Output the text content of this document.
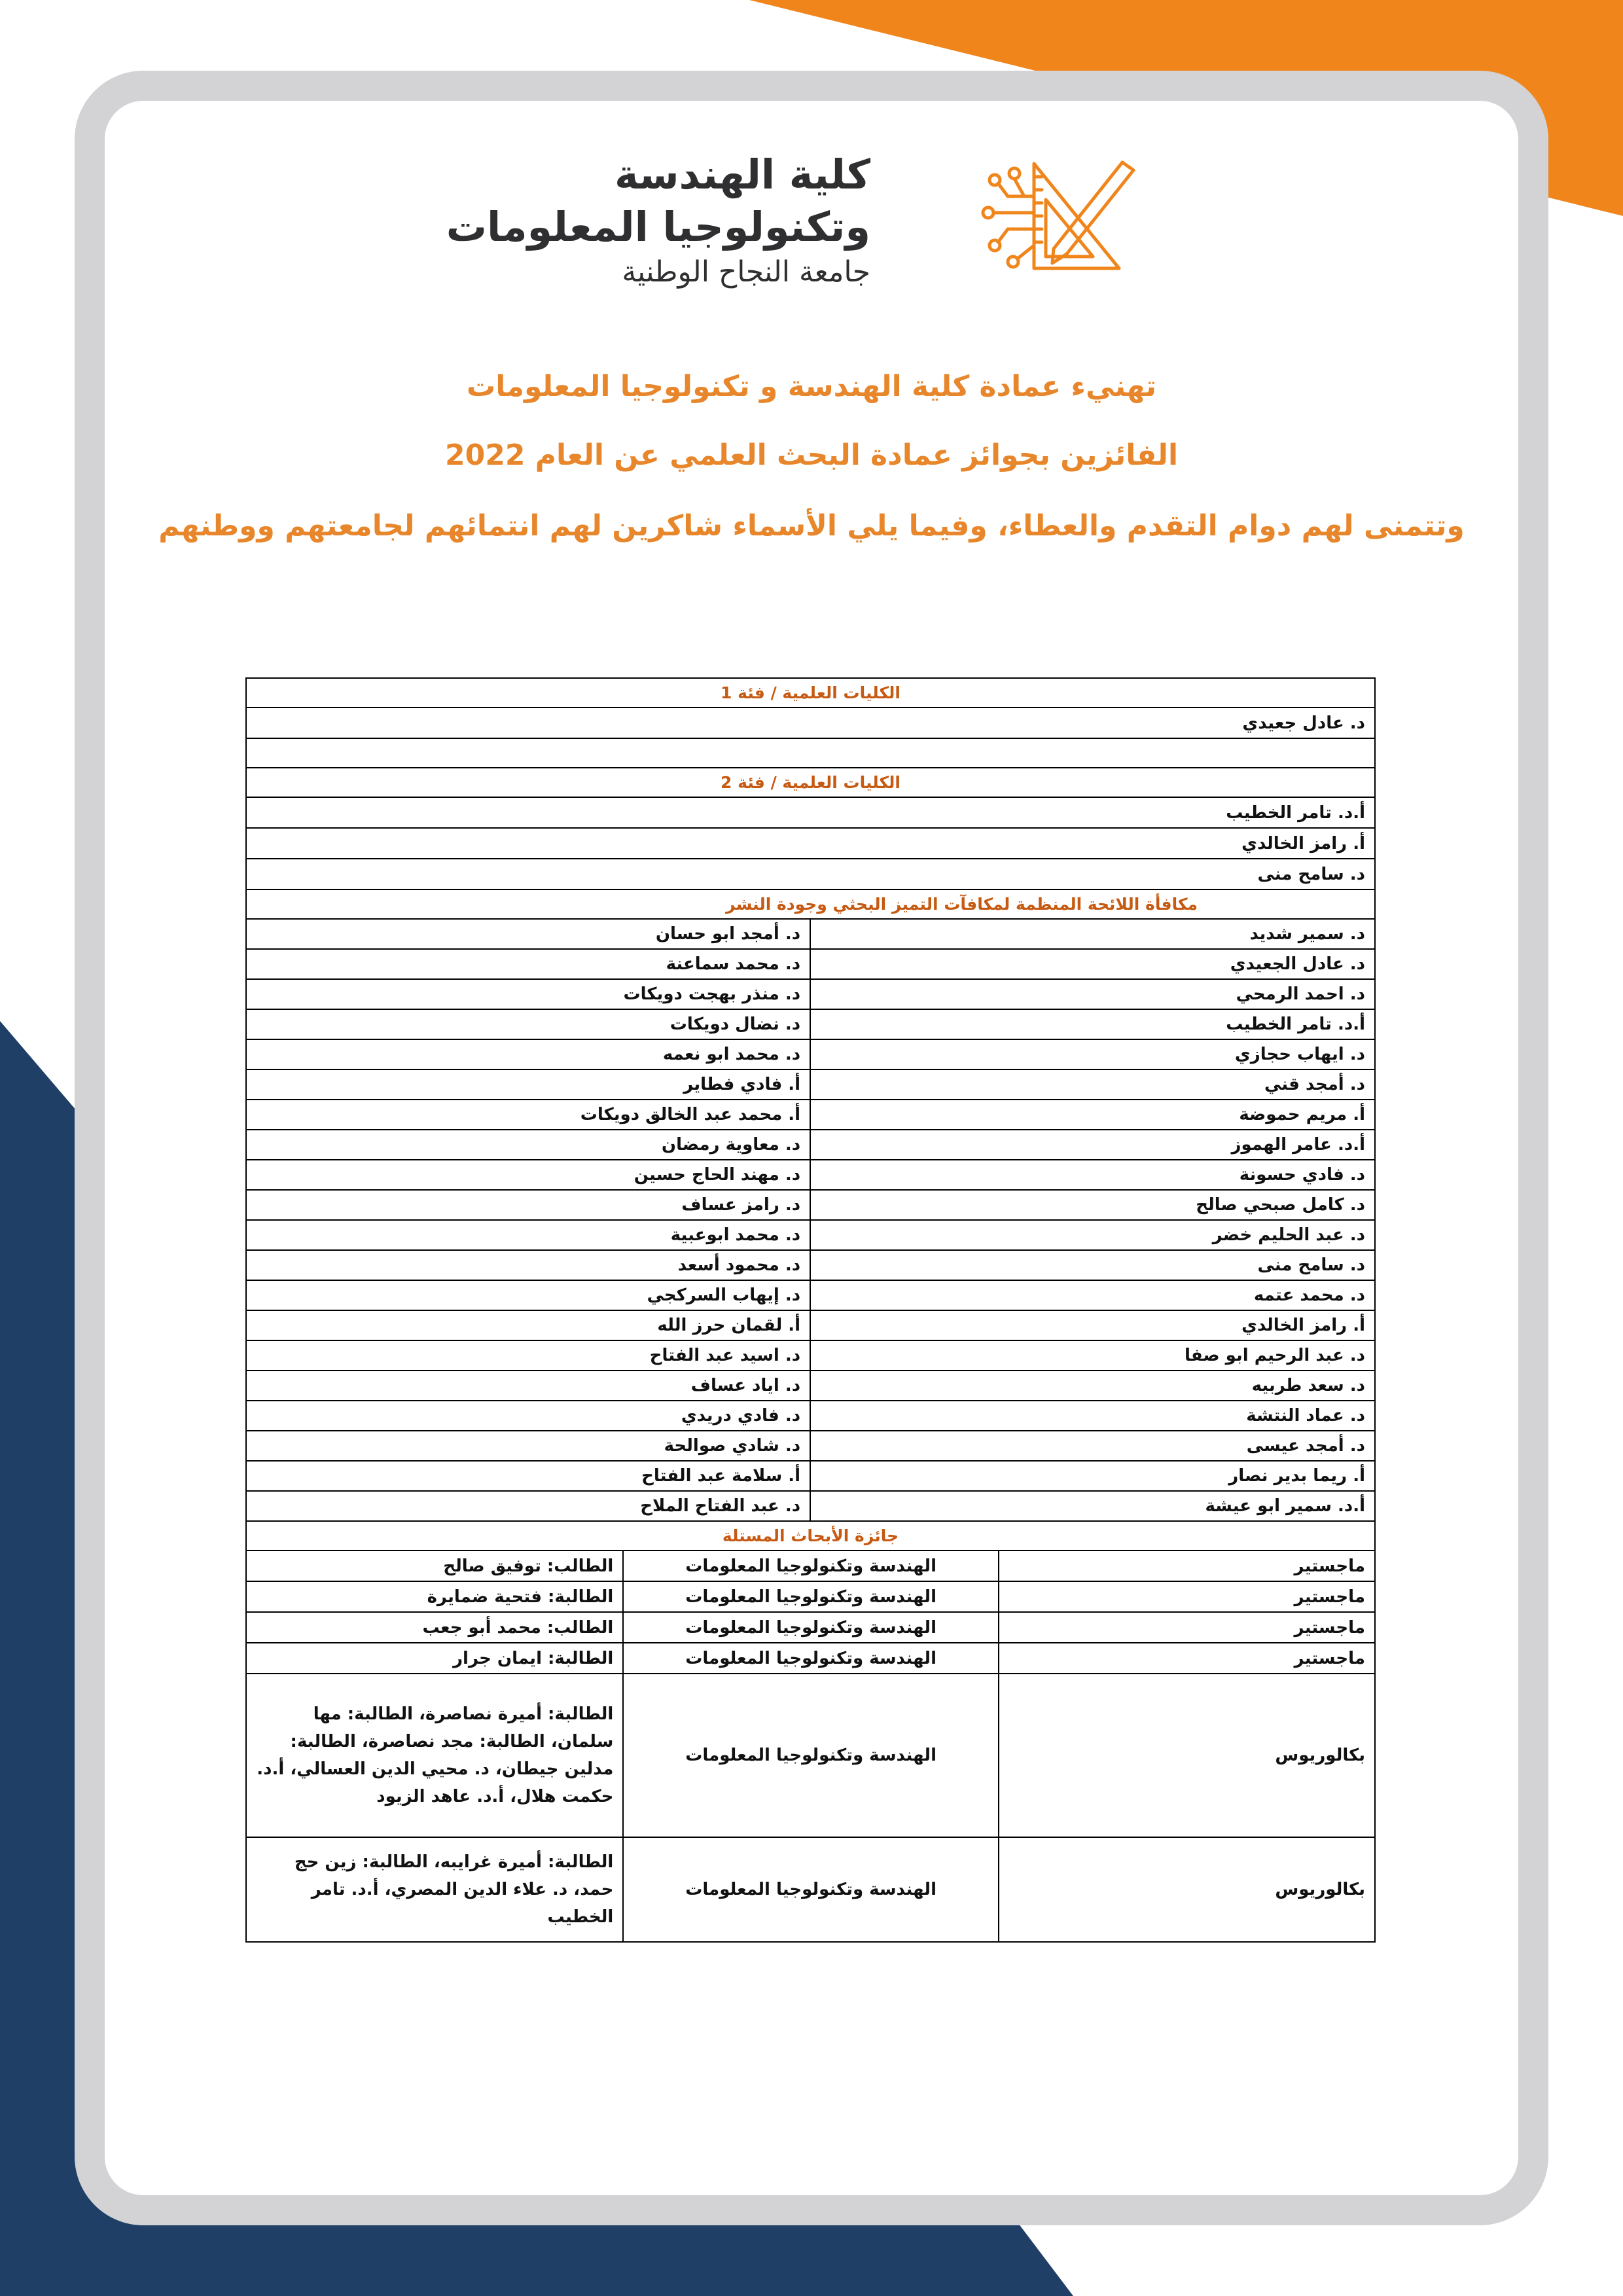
كلية الهندسة
وتكنولوجيا المعلومات
جامعة النجاح الوطنية
تهنيء عمادة كلية الهندسة و تكنولوجيا المعلومات
الفائزين بجوائز عمادة البحث العلمي عن العام 2022
وتتمنى لهم دوام التقدم والعطاء، وفيما يلي الأسماء شاكرين لهم انتمائهم لجامعتهم ووطنهم
الكليات العلمية / فئة 1			
د. عادل جعيدي			

الكليات العلمية / فئة 2			
أ.د. تامر الخطيب			
أ. رامز الخالدي			
د. سامح منى			
مكافأة اللائحة المنظمة لمكافآت التميز البحثي وجودة النشر			
د. سمير شديد		د. أمجد ابو حسان	
د. عادل الجعيدي		د. محمد سماعنة	
د. احمد الرمحي		د. منذر بهجت دويكات	
أ.د. تامر الخطيب		د. نضال دويكات	
د. ايهاب حجازي		د. محمد ابو نعمه	
د. أمجد قني		أ. فادي فطاير	
أ. مريم حموضة		أ. محمد عبد الخالق دويكات	
أ.د. عامر الهموز		د. معاوية رمضان	
د. فادي حسونة		د. مهند الحاج حسين	
د. كامل صبحي صالح		د. رامز عساف	
د. عبد الحليم خضر		د. محمد ابوعبية	
د. سامح منى		د. محمود أسعد	
د. محمد عتمه		د. إيهاب السركجي	
أ. رامز الخالدي		أ. لقمان حرز الله	
د. عبد الرحيم ابو صفا		د. اسيد عبد الفتاح	
د. سعد طربيه		د. اياد عساف	
د. عماد النتشة		د. فادي دريدي	
د. أمجد عيسى		د. شادي صوالحة	
أ. ريما بدير نصار		أ. سلامة عبد الفتاح	
أ.د. سمير ابو عيشة		د. عبد الفتاح الملاح	
جائزة الأبحاث المستلة			
ماجستير	الهندسة وتكنولوجيا المعلومات		الطالب: توفيق صالح
ماجستير	الهندسة وتكنولوجيا المعلومات		الطالبة: فتحية ضمايرة
ماجستير	الهندسة وتكنولوجيا المعلومات		الطالب: محمد أبو جعب
ماجستير	الهندسة وتكنولوجيا المعلومات		الطالبة: ايمان جرار
بكالوريوس	الهندسة وتكنولوجيا المعلومات		الطالبة: أميرة نصاصرة، الطالبة: مها سلمان، الطالبة: مجد نصاصرة، الطالبة: مدلين جيطان، د. محيي الدين العسالي، أ.د. حكمت هلال، أ.د. عاهد الزيود
بكالوريوس	الهندسة وتكنولوجيا المعلومات		الطالبة: أميرة غرايبه، الطالبة: زين حج حمد، د. علاء الدين المصري، أ.د. تامر الخطيب
